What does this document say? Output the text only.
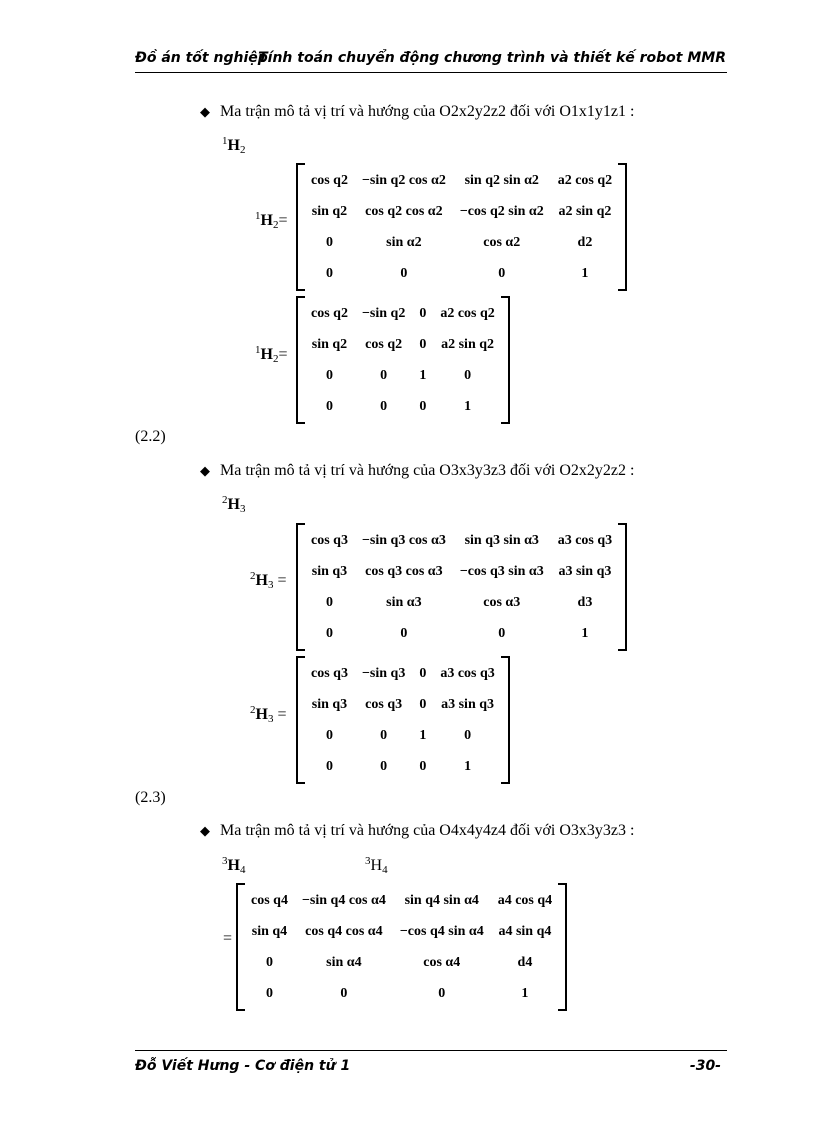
Đồ án tốt nghiệp
Tính toán chuyển động chương trình và thiết kế robot MMR
◆ Ma trận mô tả vị trí và hướng của O2x2y2z2 đối với O1x1y1z1 :
$^1H_2$
$^1H_2=$
cos q2	−sin q2 cos α2	sin q2 sin α2	a2 cos q2
sin q2	cos q2 cos α2	−cos q2 sin α2	a2 sin q2
0	sin α2	cos α2	d2
0	0	0	1
$^1H_2=$
cos q2	−sin q2	0	a2 cos q2
sin q2	cos q2	0	a2 sin q2
0	0	1	0
0	0	0	1
(2.2)
◆ Ma trận mô tả vị trí và hướng của O3x3y3z3 đối với O2x2y2z2 :
$^2H_3$
$^2H_3$ =
cos q3	−sin q3 cos α3	sin q3 sin α3	a3 cos q3
sin q3	cos q3 cos α3	−cos q3 sin α3	a3 sin q3
0	sin α3	cos α3	d3
0	0	0	1
$^2H_3$ =
cos q3	−sin q3	0	a3 cos q3
sin q3	cos q3	0	a3 sin q3
0	0	1	0
0	0	0	1
(2.3)
◆ Ma trận mô tả vị trí và hướng của O4x4y4z4 đối với O3x3y3z3 :
$^3H_4$
$^3H_4$
=
cos q4	−sin q4 cos α4	sin q4 sin α4	a4 cos q4
sin q4	cos q4 cos α4	−cos q4 sin α4	a4 sin q4
0	sin α4	cos α4	d4
0	0	0	1
Đỗ Viết Hưng - Cơ điện tử 1	-30-
